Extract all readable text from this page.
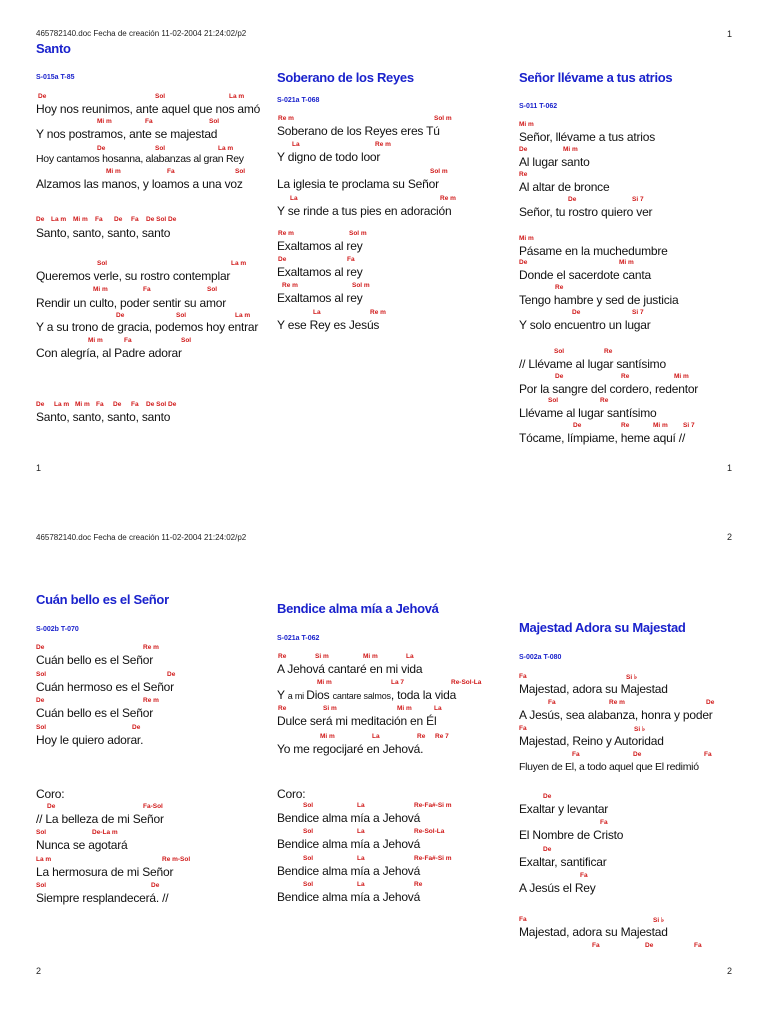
465782140.doc Fecha de creación 11-02-2004 21:24:02/p2	1
Santo
S-015a T-85
De	Sol	La m
Hoy nos reunimos, ante aquel que nos amó
Mi m	Fa	Sol
Y nos postramos, ante se majestad
De	Sol	La m
Hoy cantamos hosanna, alabanzas al gran Rey
Mi m	Fa	Sol
Alzamos las manos, y loamos a una voz
De La m Mi m Fa De Fa De Sol De
Santo, santo, santo, santo
Sol	La m
Queremos verle, su rostro contemplar
Mi m	Fa	Sol
Rendir un culto, poder sentir su amor
De	Sol	La m
Y a su trono de gracia, podemos hoy entrar
Mi m	Fa	Sol
Con alegría, al Padre adorar
De La m Mi m Fa De Fa De Sol De
Santo, santo, santo, santo
Soberano de los Reyes
S-021a T-068
Re m	Sol m
Soberano de los Reyes eres Tú
La	Re m
Y digno de todo loor
Sol m
La iglesia te proclama su Señor
La	Re m
Y se rinde a tus pies en adoración
Re m	Sol m
Exaltamos al rey
De	Fa
Exaltamos al rey
Re m	Sol m
Exaltamos al rey
La	Re m
Y ese Rey es Jesús
Señor llévame a tus atrios
S-011 T-062
Mi m
Señor, llévame a tus atrios
De	Mi m
Al lugar santo
Re
Al altar de bronce
De	Si 7
Señor, tu rostro quiero ver
Mi m
Pásame en la muchedumbre
De	Mi m
Donde el sacerdote canta
Re
Tengo hambre y sed de justicia
De	Si 7
Y solo encuentro un lugar
Sol	Re
// Llévame al lugar santísimo
De	Re	Mi m
Por la sangre del cordero, redentor
Sol	Re
Llévame al lugar santísimo
De	Re	Mi m Si 7
Tócame, límpiame, heme aquí //
1	1
465782140.doc Fecha de creación 11-02-2004 21:24:02/p2	2
Cuán bello es el Señor
S-002b T-070
De	Re m
Cuán bello es el Señor
Sol	De
Cuán hermoso es el Señor
De	Re m
Cuán bello es el Señor
Sol	De
Hoy le quiero adorar.
Coro:
De	Fa-Sol
// La belleza de mi Señor
Sol	De-La m
Nunca se agotará
La m	Re m-Sol
La hermosura de mi Señor
Sol	De
Siempre resplandecerá. //
Bendice alma mía a Jehová
S-021a T-062
Re	Si m	Mi m	La
A Jehová cantaré en mi vida
Mi m	La 7	Re-Sol-La
Y a mi Dios cantare salmos, toda la vida
Re	Si m	Mi m	La
Dulce será mi meditación en Él
Mi m	La	Re Re 7
Yo me regocijaré en Jehová.
Coro:
Sol	La	Re-Fa#-Si m
Bendice alma mía a Jehová
Sol	La	Re-Sol-La
Bendice alma mía a Jehová
Sol	La	Re-Fa#-Si m
Bendice alma mía a Jehová
Sol	La	Re
Bendice alma mía a Jehová
Majestad Adora su Majestad
S-002a T-080
Fa	Si ♭
Majestad, adora su Majestad
Fa	Re m	De
A Jesús, sea alabanza, honra y poder
Fa	Si ♭
Majestad, Reino y Autoridad
Fa	De	Fa
Fluyen de El, a todo aquel que El redimió
De
Exaltar y levantar
Fa
El Nombre de Cristo
De
Exaltar, santificar
Fa
A Jesús el Rey
Fa	Si ♭
Majestad, adora su Majestad
Fa	De	Fa
2	2
